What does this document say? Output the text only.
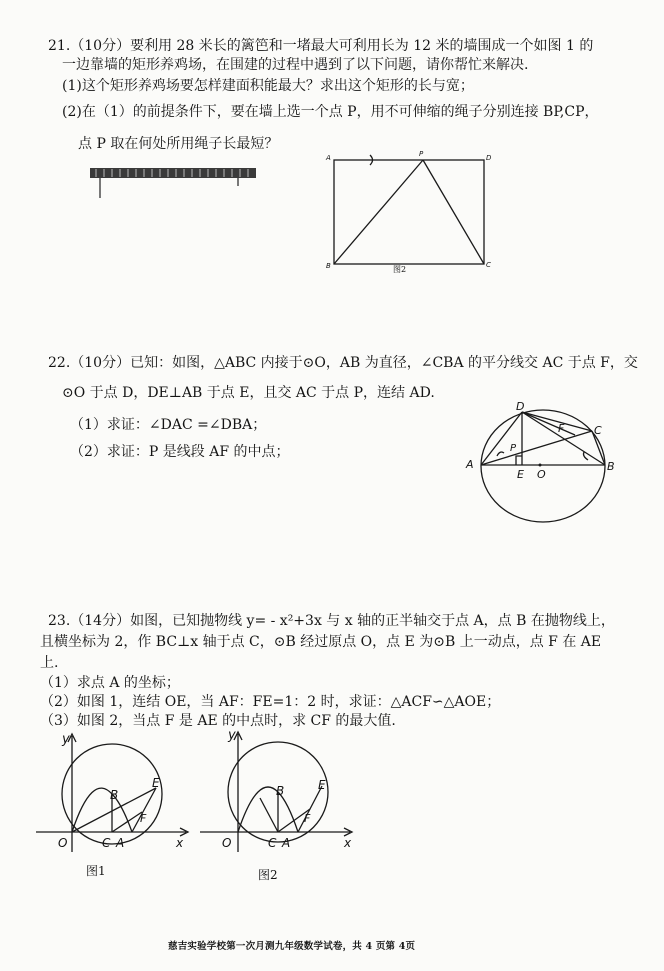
21.（10分）要利用 28 米长的篱笆和一堵最大可利用长为 12 米的墙围成一个如图 1 的
一边靠墙的矩形养鸡场，在围建的过程中遇到了以下问题，请你帮忙来解决.
(1)这个矩形养鸡场要怎样建面积能最大？求出这个矩形的长与宽；
(2)在（1）的前提条件下，要在墙上选一个点 P，用不可伸缩的绳子分别连接 BP,CP，
点 P 取在何处所用绳子长最短？
A	P	D
B	C
图2
22.（10分）已知：如图，△ABC 内接于⊙O，AB 为直径，∠CBA 的平分线交 AC 于点 F，交
⊙O 于点 D，DE⊥AB 于点 E，且交 AC 于点 P，连结 AD.
（1）求证：∠DAC =∠DBA；
（2）求证：P 是线段 AF 的中点；
D
F	C
P
A
E O
B
23.（14分）如图，已知抛物线 y= - x²+3x 与 x 轴的正半轴交于点 A，点 B 在抛物线上，
且横坐标为 2，作 BC⊥x 轴于点 C，⊙B 经过原点 O，点 E 为⊙B 上一动点，点 F 在 AE
上.
（1）求点 A 的坐标；
（2）如图 1，连结 OE，当 AF：FE=1：2 时，求证：△ACF∽△AOE；
（3）如图 2，当点 F 是 AE 的中点时，求 CF 的最大值.
y
B
E
F
O	C A	x
图1
y
B	E
F
O	C A	x
图2
慈吉实验学校第一次月测九年级数学试卷，共 4 页第 4页
